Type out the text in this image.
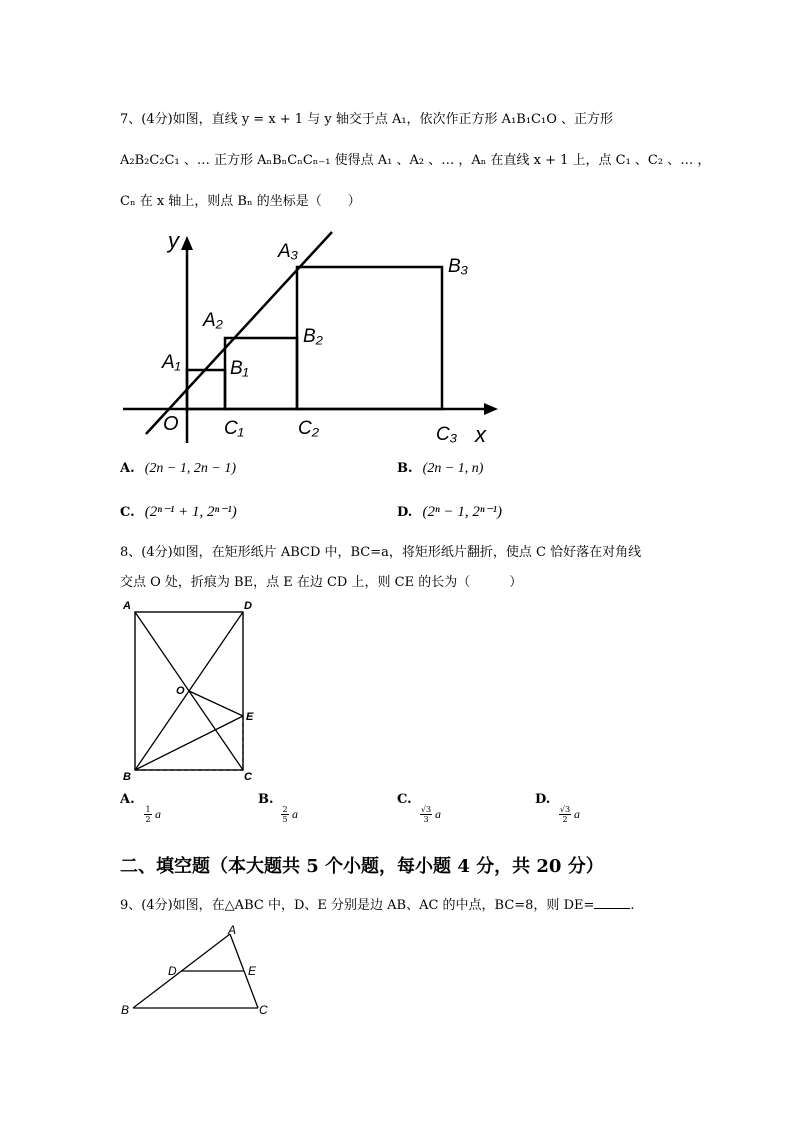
7、(4分)如图，直线 y = x + 1 与 y 轴交于点 A₁，依次作正方形 A₁B₁C₁O 、正方形
A₂B₂C₂C₁ 、… 正方形 AₙBₙCₙCₙ₋₁ 使得点 A₁ 、A₂ 、… ，Aₙ 在直线 x + 1 上，点 C₁ 、C₂ 、… ，
Cₙ 在 x 轴上，则点 Bₙ 的坐标是（　　）
y
x
O
A₁
A₂
A₃
B₁
B₂
B₃
C₁	C₂	C₃
A. (2n − 1, 2n − 1)	B. (2n − 1, n)
C. (2ⁿ⁻¹ + 1, 2ⁿ⁻¹)	D. (2ⁿ − 1, 2ⁿ⁻¹)
8、(4分)如图，在矩形纸片 ABCD 中，BC=a，将矩形纸片翻折，使点 C 恰好落在对角线
交点 O 处，折痕为 BE，点 E 在边 CD 上，则 CE 的长为（　　　）
A	D
O
E
B	C
A.
1
2 a
B.
2
5 a
C.
√3
3 a
D.
√3
2 a
二、填空题（本大题共 5 个小题，每小题 4 分，共 20 分）
9、(4分)如图，在△ABC 中，D、E 分别是边 AB、AC 的中点，BC=8，则 DE=	.
A
D	E
B	C
